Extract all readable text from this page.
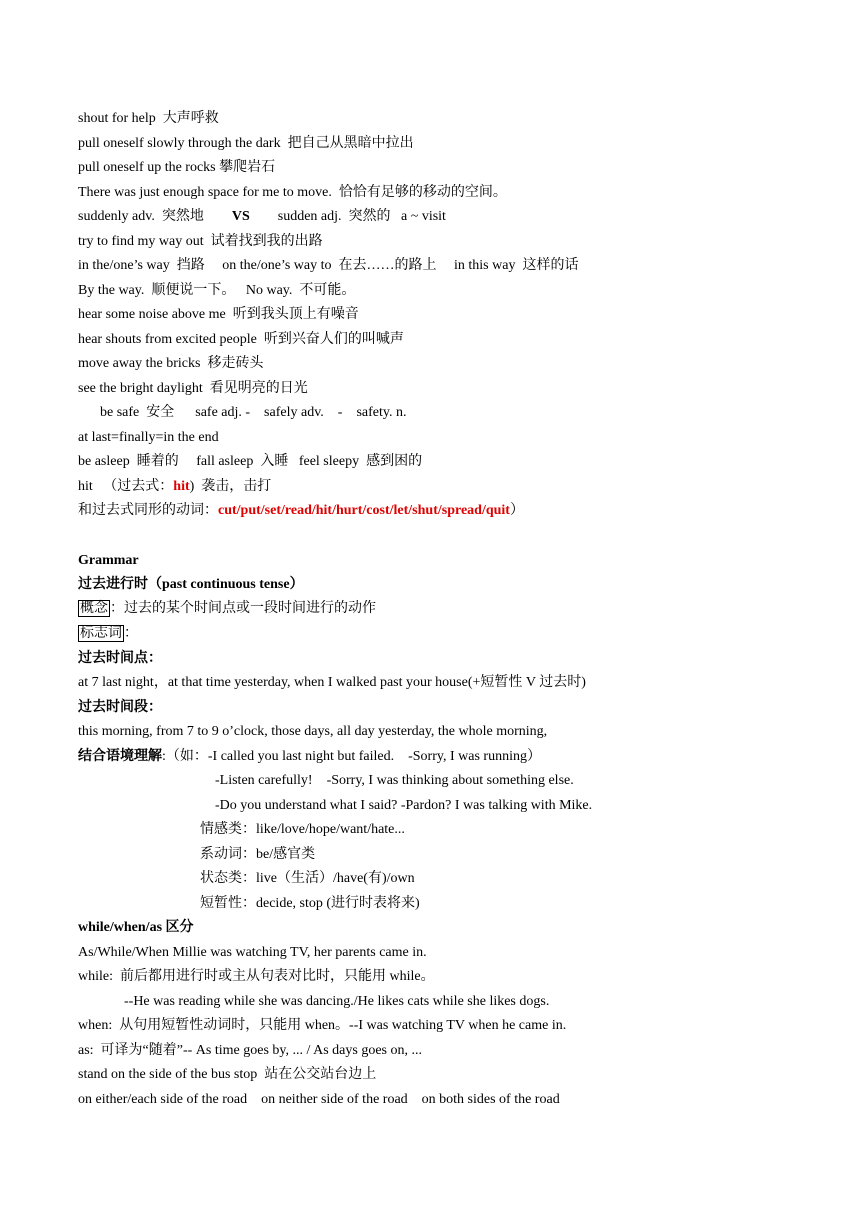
shout for help  大声呼救
pull oneself slowly through the dark  把自己从黑暗中拉出
pull oneself up the rocks 攀爬岩石
There was just enough space for me to move.  恰恰有足够的移动的空间。
suddenly adv.  突然地        VS        sudden adj.  突然的   a ~ visit
try to find my way out  试着找到我的出路
in the/one’s way  挡路     on the/one’s way to  在去……的路上     in this way  这样的话
By the way.  顺便说一下。   No way.  不可能。
hear some noise above me  听到我头顶上有噪音
hear shouts from excited people  听到兴奋人们的叫喊声
move away the bricks  移走砖头
see the bright daylight  看见明亮的日光
be safe  安全      safe adj. -    safely adv.    -    safety. n.
at last=finally=in the end
be asleep  睡着的     fall asleep  入睡   feel sleepy  感到困的
hit   （过去式：hit)  袭击，击打
和过去式同形的动词：cut/put/set/read/hit/hurt/cost/let/shut/spread/quit）
Grammar
过去进行时（past continuous tense）
概念 ：过去的某个时间点或一段时间进行的动作
标志词 ：
过去时间点：
at 7 last night，at that time yesterday, when I walked past your house(+短暂性 V 过去时)
过去时间段：
this morning, from 7 to 9 o’clock, those days, all day yesterday, the whole morning,
结合语境理解:（如：-I called you last night but failed.    -Sorry, I was running）
-Listen carefully!    -Sorry, I was thinking about something else.
-Do you understand what I said? -Pardon? I was talking with Mike.
情感类：like/love/hope/want/hate...
系动词：be/感官类
状态类：live（生活）/have(有)/own
短暂性：decide, stop (进行时表将来)
while/when/as 区分
As/While/When Millie was watching TV, her parents came in.
while:  前后都用进行时或主从句表对比时，只能用 while。
--He was reading while she was dancing./He likes cats while she likes dogs.
when:  从句用短暂性动词时，只能用 when。--I was watching TV when he came in.
as:  可译为“随着”-- As time goes by, ... / As days goes on, ...
stand on the side of the bus stop  站在公交站台边上
on either/each side of the road    on neither side of the road    on both sides of the road
